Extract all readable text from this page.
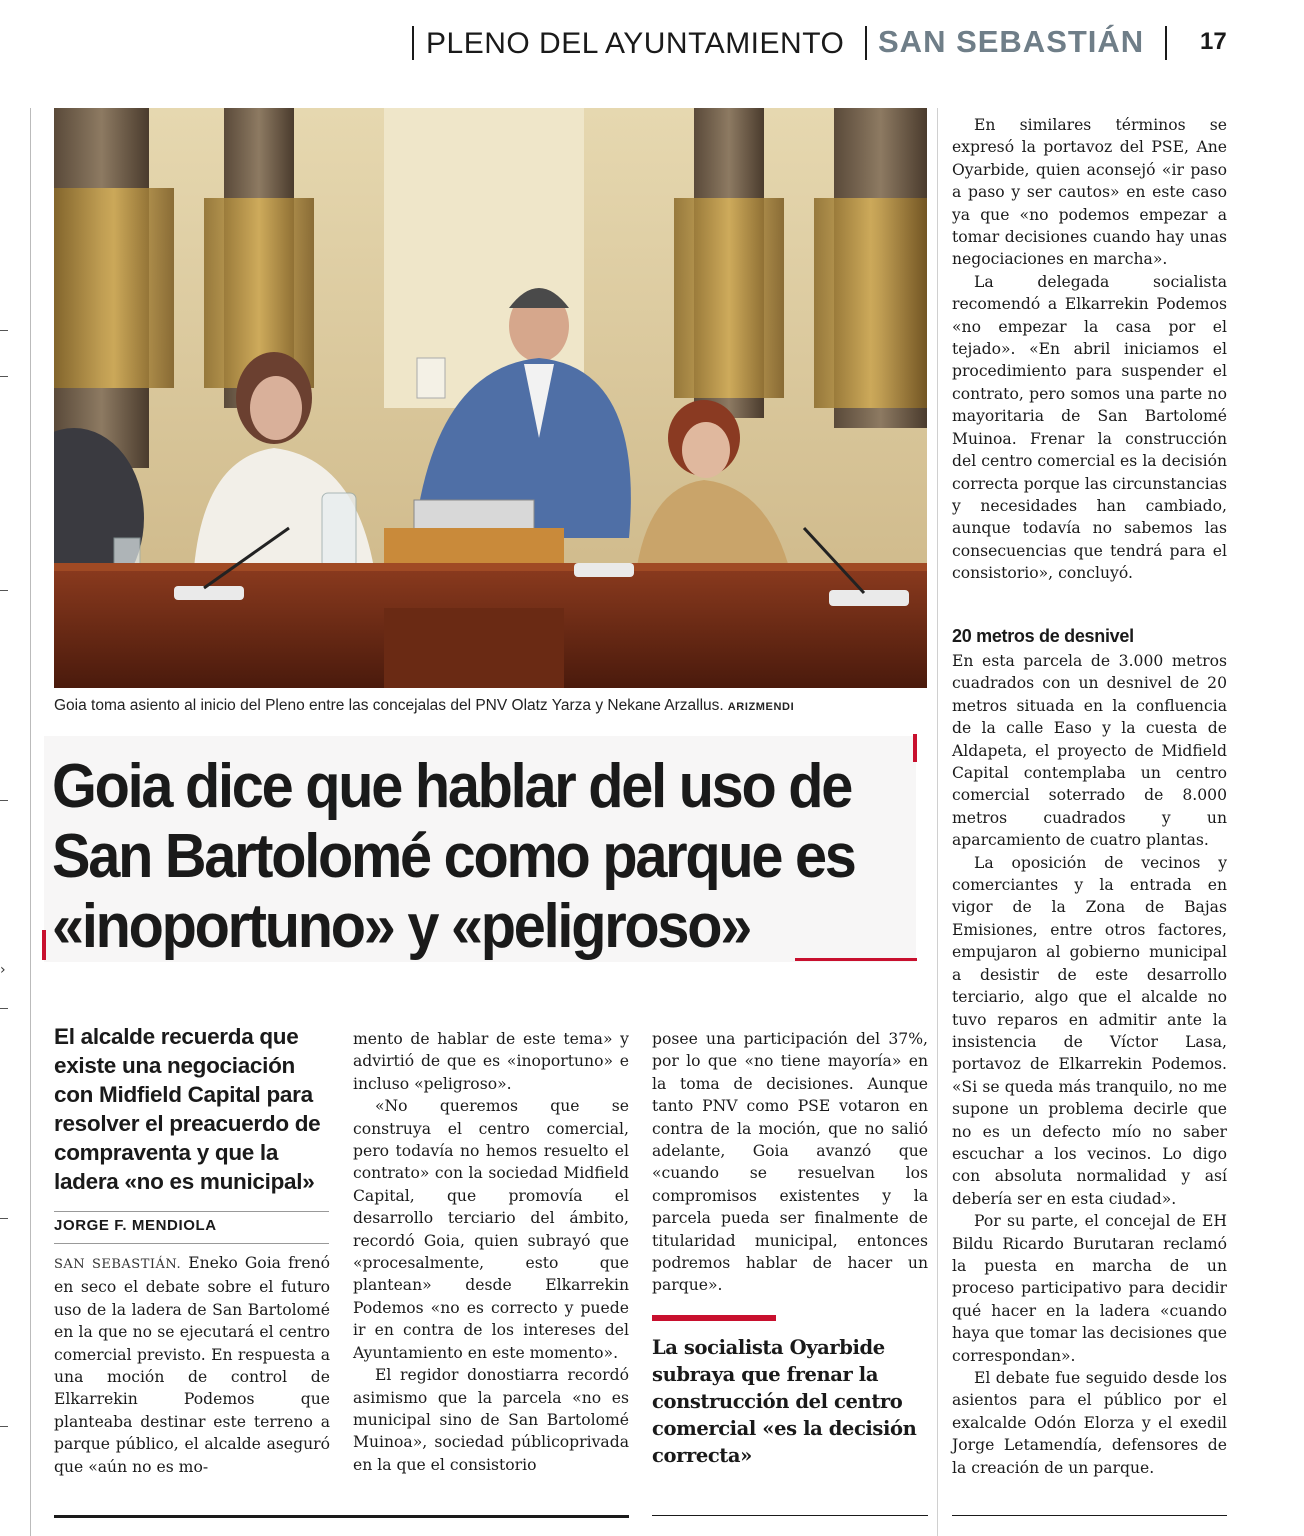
PLENO DEL AYUNTAMIENTO SAN SEBASTIÁN 17
›
Goia toma asiento al inicio del Pleno entre las concejalas del PNV Olatz Yarza y Nekane Arzallus. ARIZMENDI
Goia dice que hablar del uso de San Bartolomé como parque es «inoportuno» y «peligroso»
El alcalde recuerda que existe una negociación con Midfield Capital para resolver el preacuerdo de compraventa y que la ladera «no es municipal»
JORGE F. MENDIOLA

SAN SEBASTIÁN. Eneko Goia frenó en seco el debate sobre el futuro uso de la ladera de San Bartolomé en la que no se ejecutará el centro comercial previsto. En respuesta a una moción de control de Elkarrekin Podemos que planteaba destinar este terreno a parque público, el alcalde aseguró que «aún no es mo-

mento de hablar de este tema» y advirtió de que es «inoportuno» e incluso «peligroso».

«No queremos que se construya el centro comercial, pero todavía no hemos resuelto el contrato» con la sociedad Midfield Capital, que promovía el desarrollo terciario del ámbito, recordó Goia, quien subrayó que «procesalmente, esto que plantean» desde Elkarrekin Podemos «no es correcto y puede ir en contra de los intereses del Ayuntamiento en este momento».

El regidor donostiarra recordó asimismo que la parcela «no es municipal sino de San Bartolomé Muinoa», sociedad públicoprivada en la que el consistorio

posee una participación del 37%, por lo que «no tiene mayoría» en la toma de decisiones. Aunque tanto PNV como PSE votaron en contra de la moción, que no salió adelante, Goia avanzó que «cuando se resuelvan los compromisos existentes y la parcela pueda ser finalmente de titularidad municipal, entonces podremos hablar de hacer un parque».

La socialista Oyarbide subraya que frenar la construcción del centro comercial «es la decisión correcta»

En similares términos se expresó la portavoz del PSE, Ane Oyarbide, quien aconsejó «ir paso a paso y ser cautos» en este caso ya que «no podemos empezar a tomar decisiones cuando hay unas negociaciones en marcha».

La delegada socialista recomendó a Elkarrekin Podemos «no empezar la casa por el tejado». «En abril iniciamos el procedimiento para suspender el contrato, pero somos una parte no mayoritaria de San Bartolomé Muinoa. Frenar la construcción del centro comercial es la decisión correcta porque las circunstancias y necesidades han cambiado, aunque todavía no sabemos las consecuencias que tendrá para el consistorio», concluyó.

20 metros de desnivel

En esta parcela de 3.000 metros cuadrados con un desnivel de 20 metros situada en la confluencia de la calle Easo y la cuesta de Aldapeta, el proyecto de Midfield Capital contemplaba un centro comercial soterrado de 8.000 metros cuadrados y un aparcamiento de cuatro plantas.

La oposición de vecinos y comerciantes y la entrada en vigor de la Zona de Bajas Emisiones, entre otros factores, empujaron al gobierno municipal a desistir de este desarrollo terciario, algo que el alcalde no tuvo reparos en admitir ante la insistencia de Víctor Lasa, portavoz de Elkarrekin Podemos. «Si se queda más tranquilo, no me supone un problema decirle que no es un defecto mío no saber escuchar a los vecinos. Lo digo con absoluta normalidad y así debería ser en esta ciudad».

Por su parte, el concejal de EH Bildu Ricardo Burutaran reclamó la puesta en marcha de un proceso participativo para decidir qué hacer en la ladera «cuando haya que tomar las decisiones que correspondan».

El debate fue seguido desde los asientos para el público por el exalcalde Odón Elorza y el exedil Jorge Letamendía, defensores de la creación de un parque.
